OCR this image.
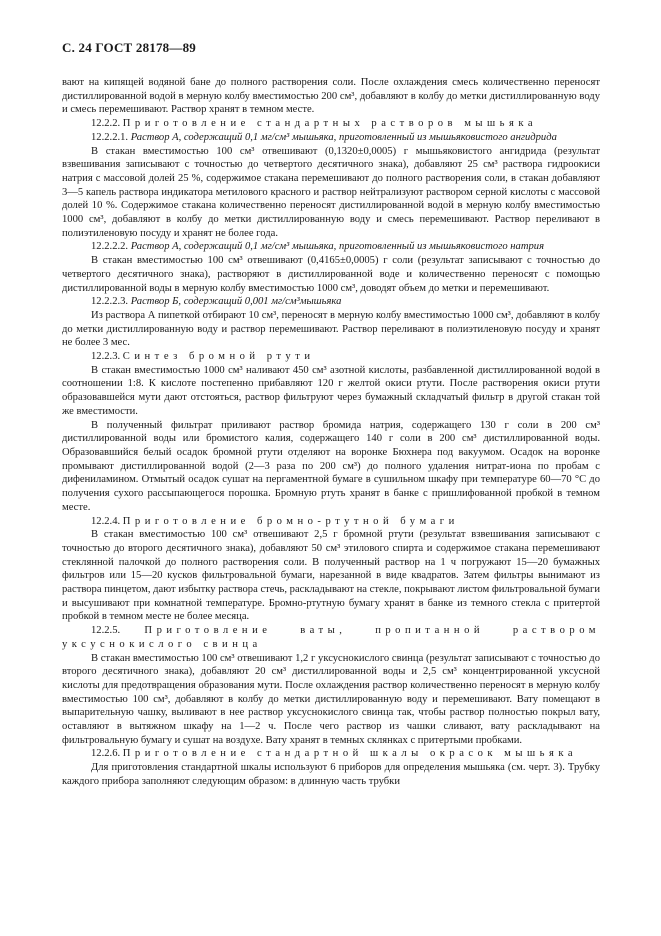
С. 24 ГОСТ 28178—89

вают на кипящей водяной бане до полного растворения соли. После охлаждения смесь количественно переносят дистиллированной водой в мерную колбу вместимостью 200 см³, добавляют в колбу до метки дистиллированную воду и смесь перемешивают. Раствор хранят в темном месте.

12.2.2. Приготовление стандартных растворов мышьяка

12.2.2.1. Раствор А, содержащий 0,1 мг/см³ мышьяка, приготовленный из мышьяковистого ангидрида

В стакан вместимостью 100 см³ отвешивают (0,1320±0,0005) г мышьяковистого ангидрида (результат взвешивания записывают с точностью до четвертого десятичного знака), добавляют 25 см³ раствора гидроокиси натрия с массовой долей 25 %, содержимое стакана перемешивают до полного растворения соли, в стакан добавляют 3—5 капель раствора индикатора метилового красного и раствор нейтрализуют раствором серной кислоты с массовой долей 10 %. Содержимое стакана количественно переносят дистиллированной водой в мерную колбу вместимостью 1000 см³, добавляют в колбу до метки дистиллированную воду и смесь перемешивают. Раствор переливают в полиэтиленовую посуду и хранят не более года.

12.2.2.2. Раствор А, содержащий 0,1 мг/см³ мышьяка, приготовленный из мышьяковистого натрия

В стакан вместимостью 100 см³ отвешивают (0,4165±0,0005) г соли (результат записывают с точностью до четвертого десятичного знака), растворяют в дистиллированной воде и количественно переносят с помощью дистиллированной воды в мерную колбу вместимостью 1000 см³, доводят объем до метки и перемешивают.

12.2.2.3. Раствор Б, содержащий 0,001 мг/см³мышьяка

Из раствора А пипеткой отбирают 10 см³, переносят в мерную колбу вместимостью 1000 см³, добавляют в колбу до метки дистиллированную воду и раствор перемешивают. Раствор переливают в полиэтиленовую посуду и хранят не более 3 мес.

12.2.3. Синтез бромной ртути

В стакан вместимостью 1000 см³ наливают 450 см³ азотной кислоты, разбавленной дистиллированной водой в соотношении 1:8. К кислоте постепенно прибавляют 120 г желтой окиси ртути. После растворения окиси ртути образовавшейся мути дают отстояться, раствор фильтруют через бумажный складчатый фильтр в другой стакан той же вместимости.

В полученный фильтрат приливают раствор бромида натрия, содержащего 130 г соли в 200 см³ дистиллированной воды или бромистого калия, содержащего 140 г соли в 200 см³ дистиллированной воды. Образовавшийся белый осадок бромной ртути отделяют на воронке Бюхнера под вакуумом. Осадок на воронке промывают дистиллированной водой (2—3 раза по 200 см³) до полного удаления нитрат-иона по пробам с дифениламином. Отмытый осадок сушат на пергаментной бумаге в сушильном шкафу при температуре 60—70 °С до получения сухого рассыпающегося порошка. Бромную ртуть хранят в банке с пришлифованной пробкой в темном месте.

12.2.4. Приготовление бромно-ртутной бумаги

В стакан вместимостью 100 см³ отвешивают 2,5 г бромной ртути (результат взвешивания записывают с точностью до второго десятичного знака), добавляют 50 см³ этилового спирта и содержимое стакана перемешивают стеклянной палочкой до полного растворения соли. В полученный раствор на 1 ч погружают 15—20 бумажных фильтров или 15—20 кусков фильтровальной бумаги, нарезанной в виде квадратов. Затем фильтры вынимают из раствора пинцетом, дают избытку раствора стечь, раскладывают на стекле, покрывают листом фильтровальной бумаги и высушивают при комнатной температуре. Бромно-ртутную бумагу хранят в банке из темного стекла с притертой пробкой в темном месте не более месяца.

12.2.5. Приготовление ваты, пропитанной раствором уксуснокислого свинца

В стакан вместимостью 100 см³ отвешивают 1,2 г уксуснокислого свинца (результат записывают с точностью до второго десятичного знака), добавляют 20 см³ дистиллированной воды и 2,5 см³ концентрированной уксусной кислоты для предотвращения образования мути. После охлаждения раствор количественно переносят в мерную колбу вместимостью 100 см³, добавляют в колбу до метки дистиллированную воду и перемешивают. Вату помещают в выпарительную чашку, выливают в нее раствор уксуснокислого свинца так, чтобы раствор полностью покрыл вату, оставляют в вытяжном шкафу на 1—2 ч. После чего раствор из чашки сливают, вату раскладывают на фильтровальную бумагу и сушат на воздухе. Вату хранят в темных склянках с притертыми пробками.

12.2.6. Приготовление стандартной шкалы окрасок мышьяка

Для приготовления стандартной шкалы используют 6 приборов для определения мышьяка (см. черт. 3). Трубку каждого прибора заполняют следующим образом: в длинную часть трубки
